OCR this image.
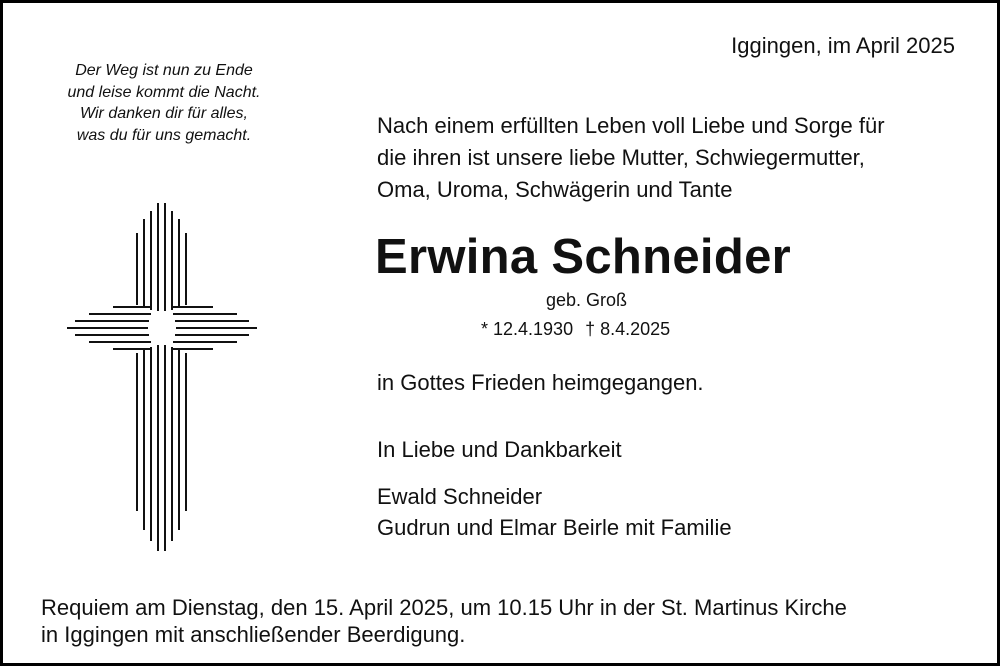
Iggingen, im April 2025
Der Weg ist nun zu Ende
und leise kommt die Nacht.
Wir danken dir für alles,
was du für uns gemacht.	Nach einem erfüllten Leben voll Liebe und Sorge für
die ihren ist unsere liebe Mutter, Schwiegermutter,
Oma, Uroma, Schwägerin und Tante
Erwina Schneider
geb. Groß
* 12.4.1930 † 8.4.2025
in Gottes Frieden heimgegangen.
In Liebe und Dankbarkeit
Ewald Schneider
Gudrun und Elmar Beirle mit Familie
Requiem am Dienstag, den 15. April 2025, um 10.15 Uhr in der St. Martinus Kirche
in Iggingen mit anschließender Beerdigung.
